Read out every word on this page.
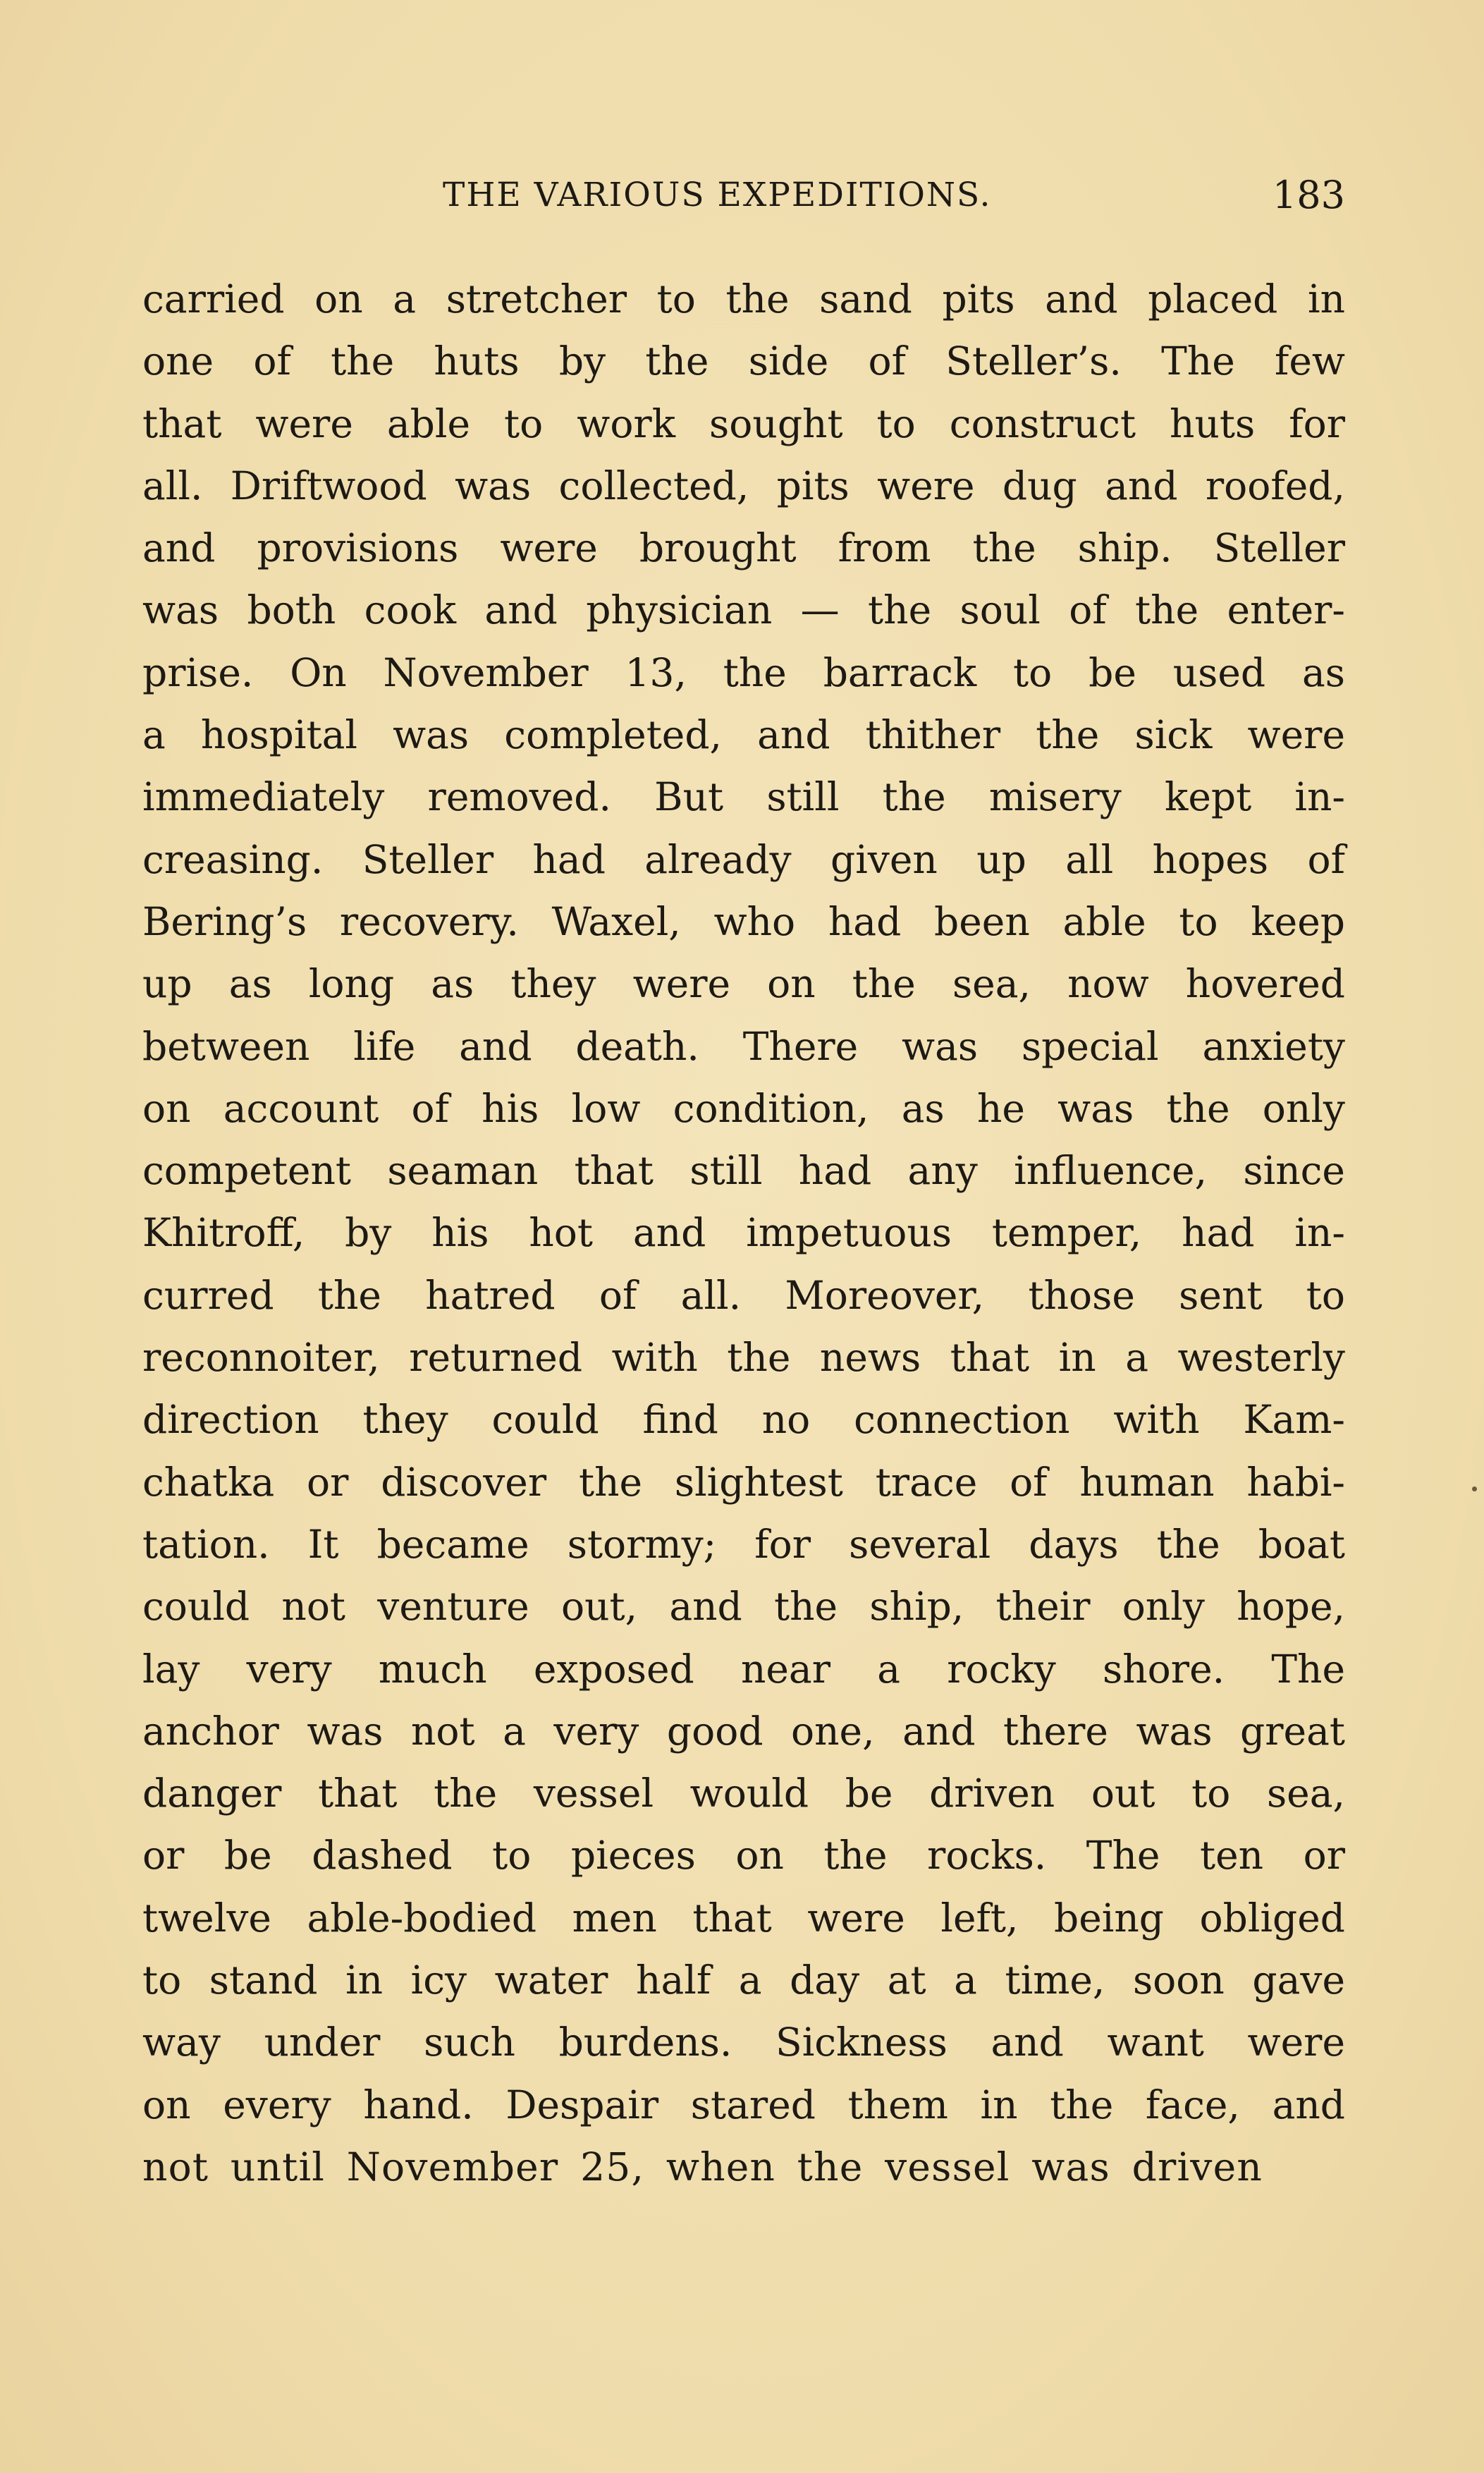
THE VARIOUS EXPEDITIONS.	183
carried on a stretcher to the sand pits and placed in
one of the huts by the side of Steller’s. The few
that were able to work sought to construct huts for
all. Driftwood was collected, pits were dug and roofed,
and provisions were brought from the ship. Steller
was both cook and physician — the soul of the enter-
prise. On November 13, the barrack to be used as
a hospital was completed, and thither the sick were
immediately removed. But still the misery kept in-
creasing. Steller had already given up all hopes of
Bering’s recovery. Waxel, who had been able to keep
up as long as they were on the sea, now hovered
between life and death. There was special anxiety
on account of his low condition, as he was the only
competent seaman that still had any influence, since
Khitroff, by his hot and impetuous temper, had in-
curred the hatred of all. Moreover, those sent to
reconnoiter, returned with the news that in a westerly
direction they could find no connection with Kam-
chatka or discover the slightest trace of human habi-
tation. It became stormy; for several days the boat
could not venture out, and the ship, their only hope,
lay very much exposed near a rocky shore. The
anchor was not a very good one, and there was great
danger that the vessel would be driven out to sea,
or be dashed to pieces on the rocks. The ten or
twelve able-bodied men that were left, being obliged
to stand in icy water half a day at a time, soon gave
way under such burdens. Sickness and want were
on every hand. Despair stared them in the face, and
not until November 25, when the vessel was driven
